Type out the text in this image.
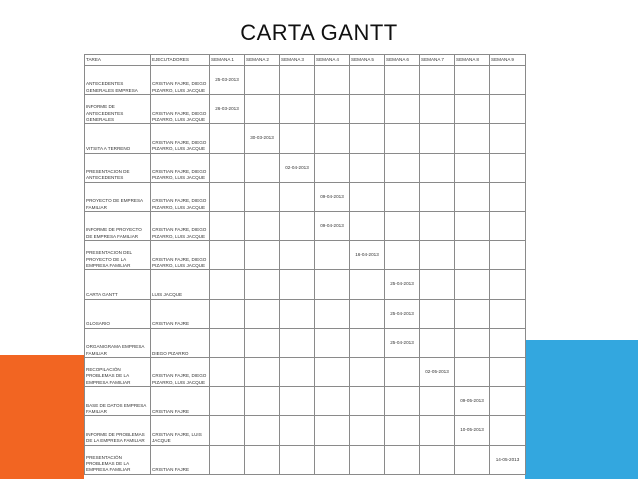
CARTA GANTT
TAREA	EJECUTADORES	SEMANA 1	SEMANA 2	SEMANA 3	SEMANA 4	SEMANA 5	SEMANA 6	SEMANA 7	SEMANA 8	SEMANA 9
ANTECEDENTES GENERALES EMPRESA	CRISTIAN FAJRE, DIEGO PIZARRO, LUIS JACQUE	25-03-2013								
INFORME DE ANTECEDENTES GENERALES	CRISTIAN FAJRE, DIEGO PIZARRO, LUIS JACQUE	26-03-2013								
VITSITA A TERRENO	CRISTIAN FAJRE, DIEGO PIZARRO, LUIS JACQUE		30-03-2013							
PRESENTACION DE ANTECEDENTES	CRISTIAN FAJRE, DIEGO PIZARRO, LUIS JACQUE			02-04-2013						
PROYECTO DE EMPRESA FAMILIAR	CRISTIAN FAJRE, DIEGO PIZARRO, LUIS JACQUE				09-04-2013					
INFORME DE PROYECTO DE EMPRESA FAMILIAR	CRISTIAN FAJRE, DIEGO PIZARRO, LUIS JACQUE				09-04-2013					
PRESENTACION DEL PROYECTO DE LA EMPRESA FAMILIAR	CRISTIAN FAJRE, DIEGO PIZARRO, LUIS JACQUE					16-04-2013				
CARTA GANTT	LUIS JACQUE						25-04-2013			
GLOSARIO	CRISTIAN FAJRE						25-04-2013			
ORGANIGRAMA EMPRESA FAMILIAR	DIEGO PIZARRO						25-04-2013			
RECOPILACIÓN PROBLEMAS DE LA EMPRESA FAMILIAR	CRISTIAN FAJRE, DIEGO PIZARRO, LUIS JACQUE							02-05-2013		
BASE DE DATOS EMPRESA FAMILIAR	CRISTIAN FAJRE								09-05-2013	
INFORME DE PROBLEMAS DE LA EMPRESA FAMILIAR	CRISTIAN FAJRE, LUIS JACQUE								10-05-2013	
PRESENTACIÓN PROBLEMAS DE LA EMPRESA FAMILIAR	CRISTIAN FAJRE									14-05-2013
